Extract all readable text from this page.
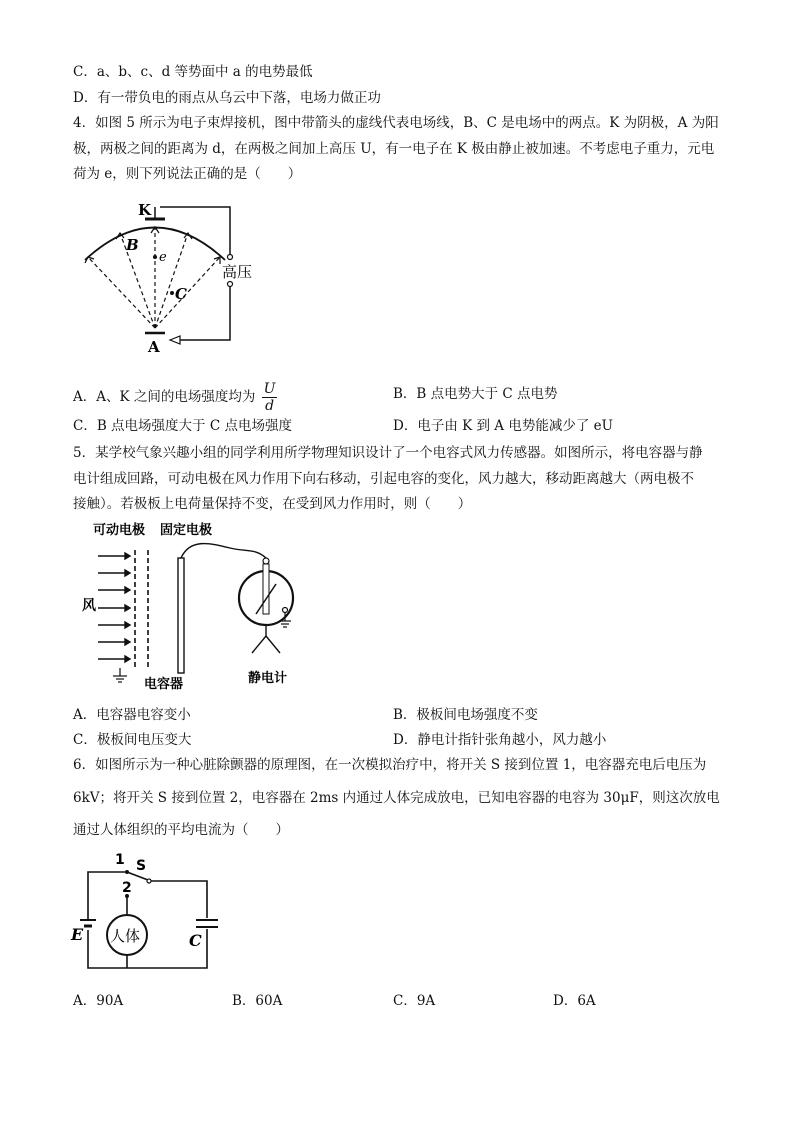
C．a、b、c、d 等势面中 a 的电势最低
D．有一带负电的雨点从乌云中下落，电场力做正功
4．如图 5 所示为电子束焊接机，图中带箭头的虚线代表电场线，B、C 是电场中的两点。K 为阴极，A 为阳
极，两极之间的距离为 d，在两极之间加上高压 U，有一电子在 K 极由静止被加速。不考虑电子重力，元电
荷为 e，则下列说法正确的是（　　）
K
B
e
C
A
高压
A．A、K 之间的电场强度均为 $\frac{U}{d}$	B．B 点电势大于 C 点电势
C．B 点电场强度大于 C 点电场强度	D．电子由 K 到 A 电势能减少了 eU
5．某学校气象兴趣小组的同学利用所学物理知识设计了一个电容式风力传感器。如图所示，将电容器与静
电计组成回路，可动电极在风力作用下向右移动，引起电容的变化，风力越大，移动距离越大（两电极不
接触）。若极板上电荷量保持不变，在受到风力作用时，则（　　）
可动电极 固定电极
风
电容器	静电计
A．电容器电容变小	B．极板间电场强度不变
C．极板间电压变大	D．静电计指针张角越小，风力越小
6．如图所示为一种心脏除颤器的原理图，在一次模拟治疗中，将开关 S 接到位置 1，电容器充电后电压为
6kV；将开关 S 接到位置 2，电容器在 2ms 内通过人体完成放电，已知电容器的电容为 30μF，则这次放电
通过人体组织的平均电流为（　　）
1 S
2
E	C
人体
A．90A	B．60A	C．9A	D．6A
